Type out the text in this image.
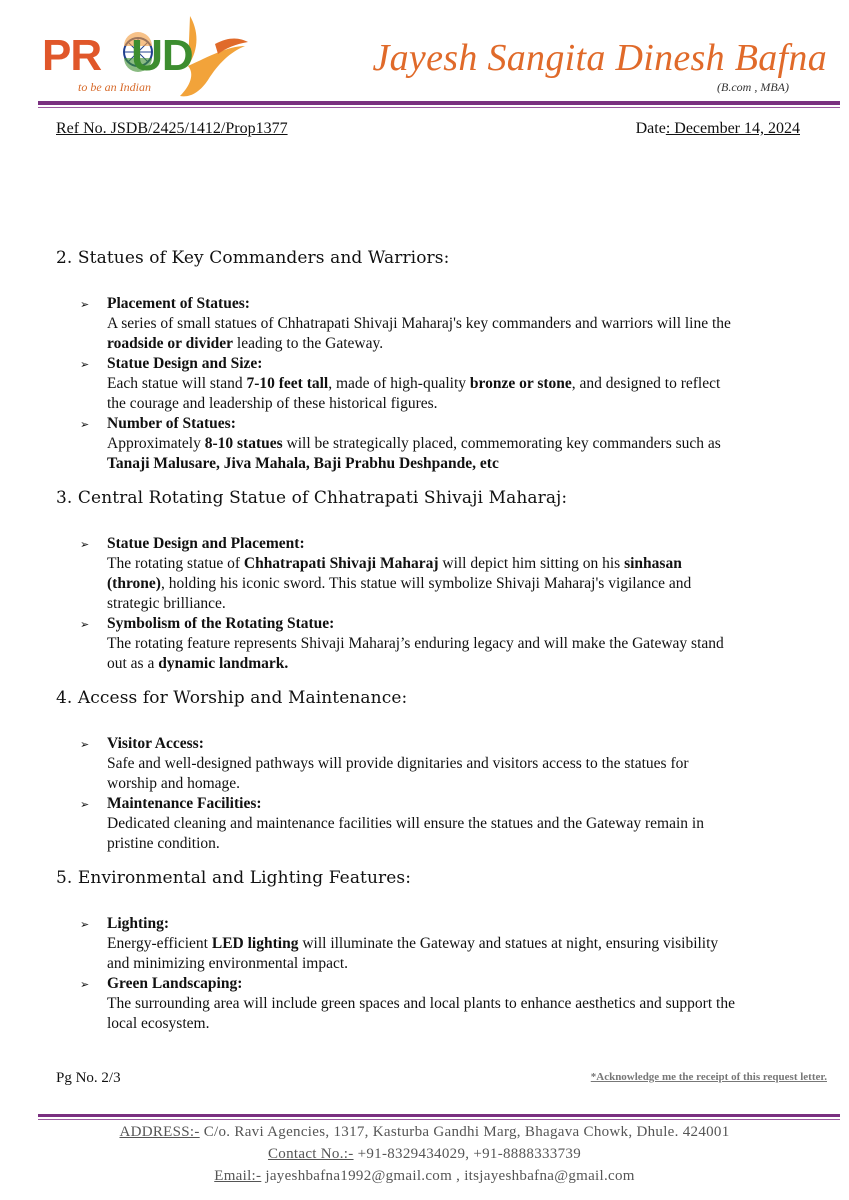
PR UD
to be an Indian
Jayesh Sangita Dinesh Bafna
(B.com , MBA)
Ref No. JSDB/2425/1412/Prop1377	Date: December 14, 2024
2. Statues of Key Commanders and Warriors:
➢ Placement of Statues:
A series of small statues of Chhatrapati Shivaji Maharaj's key commanders and warriors will line the
roadside or divider leading to the Gateway.
➢ Statue Design and Size:
Each statue will stand 7-10 feet tall, made of high-quality bronze or stone, and designed to reflect
the courage and leadership of these historical figures.
➢ Number of Statues:
Approximately 8-10 statues will be strategically placed, commemorating key commanders such as
Tanaji Malusare, Jiva Mahala, Baji Prabhu Deshpande, etc
3. Central Rotating Statue of Chhatrapati Shivaji Maharaj:
➢ Statue Design and Placement:
The rotating statue of Chhatrapati Shivaji Maharaj will depict him sitting on his sinhasan
(throne), holding his iconic sword. This statue will symbolize Shivaji Maharaj's vigilance and
strategic brilliance.
➢ Symbolism of the Rotating Statue:
The rotating feature represents Shivaji Maharaj’s enduring legacy and will make the Gateway stand
out as a dynamic landmark.
4. Access for Worship and Maintenance:
➢ Visitor Access:
Safe and well-designed pathways will provide dignitaries and visitors access to the statues for
worship and homage.
➢ Maintenance Facilities:
Dedicated cleaning and maintenance facilities will ensure the statues and the Gateway remain in
pristine condition.
5. Environmental and Lighting Features:
➢ Lighting:
Energy-efficient LED lighting will illuminate the Gateway and statues at night, ensuring visibility
and minimizing environmental impact.
➢ Green Landscaping:
The surrounding area will include green spaces and local plants to enhance aesthetics and support the
local ecosystem.
Pg No. 2/3	*Acknowledge me the receipt of this request letter.
ADDRESS:- C/o. Ravi Agencies, 1317, Kasturba Gandhi Marg, Bhagava Chowk, Dhule. 424001
Contact No.:- +91-8329434029, +91-8888333739
Email:- jayeshbafna1992@gmail.com , itsjayeshbafna@gmail.com
